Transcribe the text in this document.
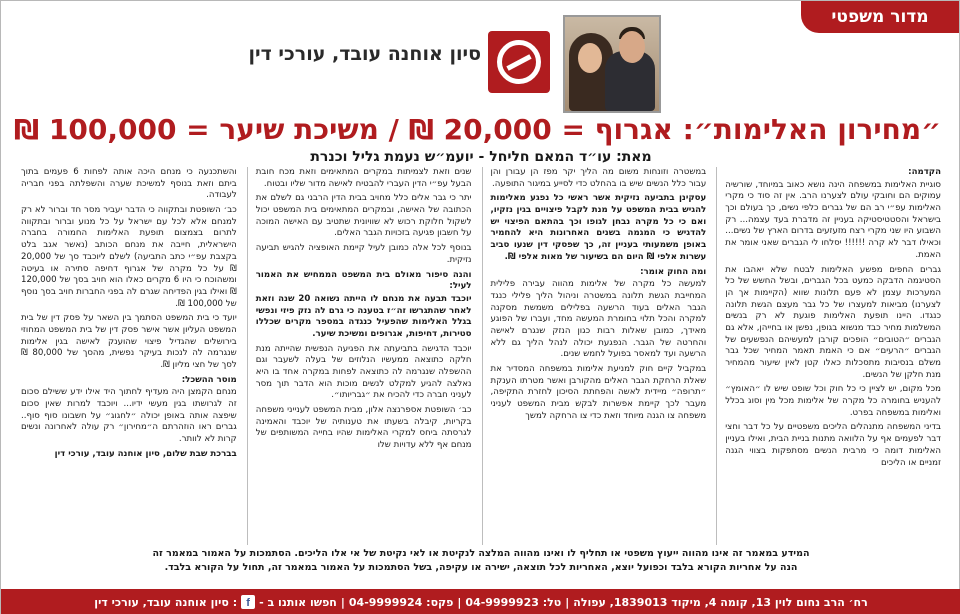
מדור משפטי
סיון אוחנה עובד, עורכי דין
״מחירון האלימות״: אגרוף = 20,000 ₪ / משיכת שיער = 100,000 ₪
מאת: עו״ד המאם חליחל - יועמ״ש נעמת גליל וכנרת

הקדמה:
סוגיית האלימות במשפחה הינה נושא כאוב במיוחד, שורשיה עמוקים הם וחובקי עולם לצערנו הרב. אין זה סוד כי מקרי האלימות עפ״י רב הם של גברים כלפי נשים, כך בעולם וכך בישראל והסטטיסטיקה בעניין זה מדברת בעד עצמה... רק השבוע היו שני מקרי רצח מזעזעים בדרום הארץ של נשים... וכאילו דבר לא קרה !!!!!! יסלחו לי הגברים שאני אומר את האמת.

גברים החפים מפשע האלימות לבטח שלא יאהבו את הסטיגמה הדבקה כמעט בכל הגברים, ובשל החשש של כל המערכות עצמן לא פעם תלונות שווא (הקיימות אך הן לצערנו) מביאות למעצרו של כל גבר מעצם הגשת תלונה כנגדו. היינו תופעת האלימות פוגעת לא רק בנשים המשלמות מחיר כבד מנשוא בגופן, נפשן או בחייהן, אלא גם הגברים ״הטובים״ הופכים קורבן למעשיהם הנפשעים של הגברים ״הרעים״ אם כי האמת תאמר המחיר שכל גבר משלם בנסיבות מתסכלות כאלו קטן לאין שיעור מהמחיר מנת חלקן של הנשים.

מכל מקום, יש לציין כי כל חוק וכל שופט שיש לו ״האומץ״ להעניש בחומרה כל מקרה של אלימות מכל מין וסוג בכלל ואלימות במשפחה בפרט.

בדיני המשפחה מתנהלים הליכים משפטיים על כל דבר וחצי דבר לפעמים אף על הלוואה מתנות בניית הבית, ואילו בעניין האלימות דומה כי מרבית הנשים מסתפקות בצווי הגנה זמניים או הליכים

במשטרה וזונחות משום מה הליך יקר מפז הן עבורן והן עבור כלל הנשים שיש בו בהחלט כדי לסייע במיגור התופעה.

עסקינן בתביעה נזיקית אשר ראשי כל נפגע מאלימות להגיש בבית המשפט על מנת לקבל פיצויים בגין נזקיו, ואם כי כל מקרה נבחן לגופו וכך בהתאם הפיצוי יש להדגיש כי המגמה בשנים האחרונות היא להחמיר באופן משמעותי בעניין זה, כך שפסקי דין שנעו סביב עשרות אלפי ₪ היום הם בשיעור של מאות אלפי ₪.

ומה החוק אומר:
למעשה כל מקרה של אלימות מהווה עבירה פלילית המחייבת הגשת תלונה במשטרה וניהול הליך פלילי כנגד הגבר האלים בעוד הרשעה בפלילים משמשת מסקנה למקרה והכל תלוי בחומרת המעשה מחד, ועברו של הפוגע מאידך, כמובן שאלות רבות כגון הנזק שנגרם לאישה והחרטה של הגבר. הנפגעת יכולה לנהל הליך גם ללא הרשעה ועד למאסר בפועל לחמש שנים.

במקביל קיים חוק למניעת אלימות במשפחה המסדיר את שאלת הרחקת הגבר האלים מהקורבן ואשר מטרתו הענקת ״תרופה״ מיידית לאשה והפחתת הסיכון לחזרת התקיפה, מעבר לכך קיימת אפשרות לבקש מבית המשפט לעניני משפחה צו הגנה מיוחד וזאת כדי צו הרחקה למשך

שנים וזאת לצמיתות במקרים המתאימים וזאת מכח חובת הבעל עפ״י הדין העברי להבטיח לאישה מדור שליו ובטוח.

יתר כי גבר אלים כלל מחויב בבית הדין הרבני גם לשלם את הכתובה של האישה, ובמקרים המתאימים בית המשפט יכול לשקול חלוקת רכוש לא שוויונית שתטיב עם האישה המוכה על חשבון פגיעה בזכויות הגבר האלים.

בנוסף לכל אלה כמובן לעיל קיימת האופציה להגיש תביעה נזיקית.

והנה סיפור מאולם בית המשפט הממחיש את האמור לעיל:
יוכבד תבעה את מנחם לו הייתה נשואה 20 שנה וזאת לאחר שהתגרשו זה״ז בטענה כי גרם לה נזק פיזי ונפשי בגלל האלימות שהפעיל כנגדה במספר מקרים שכללו סטירות, דחיפות, אגרופים ומשיכת שיער.

יוכבד הדגישה בתביעתה את הפגיעה הנפשית שהייתה מנת חלקה כתוצאה ממעשיו הנלוזים של בעלה לשעבר וגם ההשפלה שנגרמה לה כתוצאה לפחות במקרה אחד בו היא נאלצה להגיע למקלט לנשים מוכות הוא הדבר תוך מסר לעניני חברה כדי להכיח את ״גבריותו״.

כב׳ השופטת אספרנצה אלון, מבית המשפט לענייני משפחה בקריות, קיבלה בשעתו את טענותיה של יוכבד והאמינה לגרסתה ביחס למקרי האלימות שהיו בחייה המשותפים של מנחם אף ללא עדויות שלו

והשתכנעה כי מנחם היכה אותה לפחות 6 פעמים בתוך ביתם וזאת בנוסף למשיכת שערה והשפלתה בפני חבריה לעבודה.

כב׳ השופטת ובתקווה כי הדבר יעביר מסר חד וברור לא רק למנחם אלא לכל עם ישראל על כל מנוע וברור ובתקווה לתרום בצמצום תופעת האלימות החמורה בחברה הישראלית, חייבה את מנחם הכותב (נאשר אגב בלט בקצבת עפ״י כתב התביעה) לשלם ליוכבד סך של 20,000 ₪ על כל מקרה של אגרוף דחיפה סתירה או בעיטה ומשהוכח כי היו 6 מקרים כאלו הוא חויב בסך של 120,000 ₪ ואילו בגין הפדיחה שגרם לה בפני החברות חויב בסך נוסף של 100,000 ₪.

יועד כי בית המשפט הסתמך בין השאר על פסק דין של בית המשפט העליון אשר אישר פסק דין של בית המשפט המחוזי בירושלים שהגדיל פיצוי שהוענק לאישה בגין אלימות שנגרמה לה לנכות בעיקר נפשית, מהסך של 80,000 ₪ לסך של חצי מליון ₪.

מוסר ההשכל:
מנחם הקמצן היה מעדיף לחתוך היד אילו ידע ששילם סכום זה לגרושתו בגין מעשי ידיו... ויוכבד למרות שאין סכום שיפצה אותה באופן יכולה ״לחגוג״ על חשבונו סוף סוף.. גברים ראו הוזהרתם ה״מחירון״ רק עולה לאחרונה ונשים קרות לא לוותר.

בברכת שבת שלום, סיון אוחנה עובד, עורכי דין

המידע במאמר זה אינו מהווה ייעוץ משפטי או תחליף לו ואינו מהווה המלצה לנקיטת או לאי נקיטת של אי אלו הליכים. הסתמכות על האמור במאמר זה
הנה על אחריות הקורא בלבד וכפועל יוצא, האחריות לכל תוצאה, ישירה או עקיפה, בשל הסתמכות על האמור במאמר זה, תחול על הקורא בלבד.
רח׳ הרב נחום לוין 13, קומה 4, מיקוד 1839013, עפולה
|
טל: 04-9999923
|
פקס: 04-9999924
|
חפשו אותנו ב -
f
: סיון אוחנה עובד, עורכי דין
